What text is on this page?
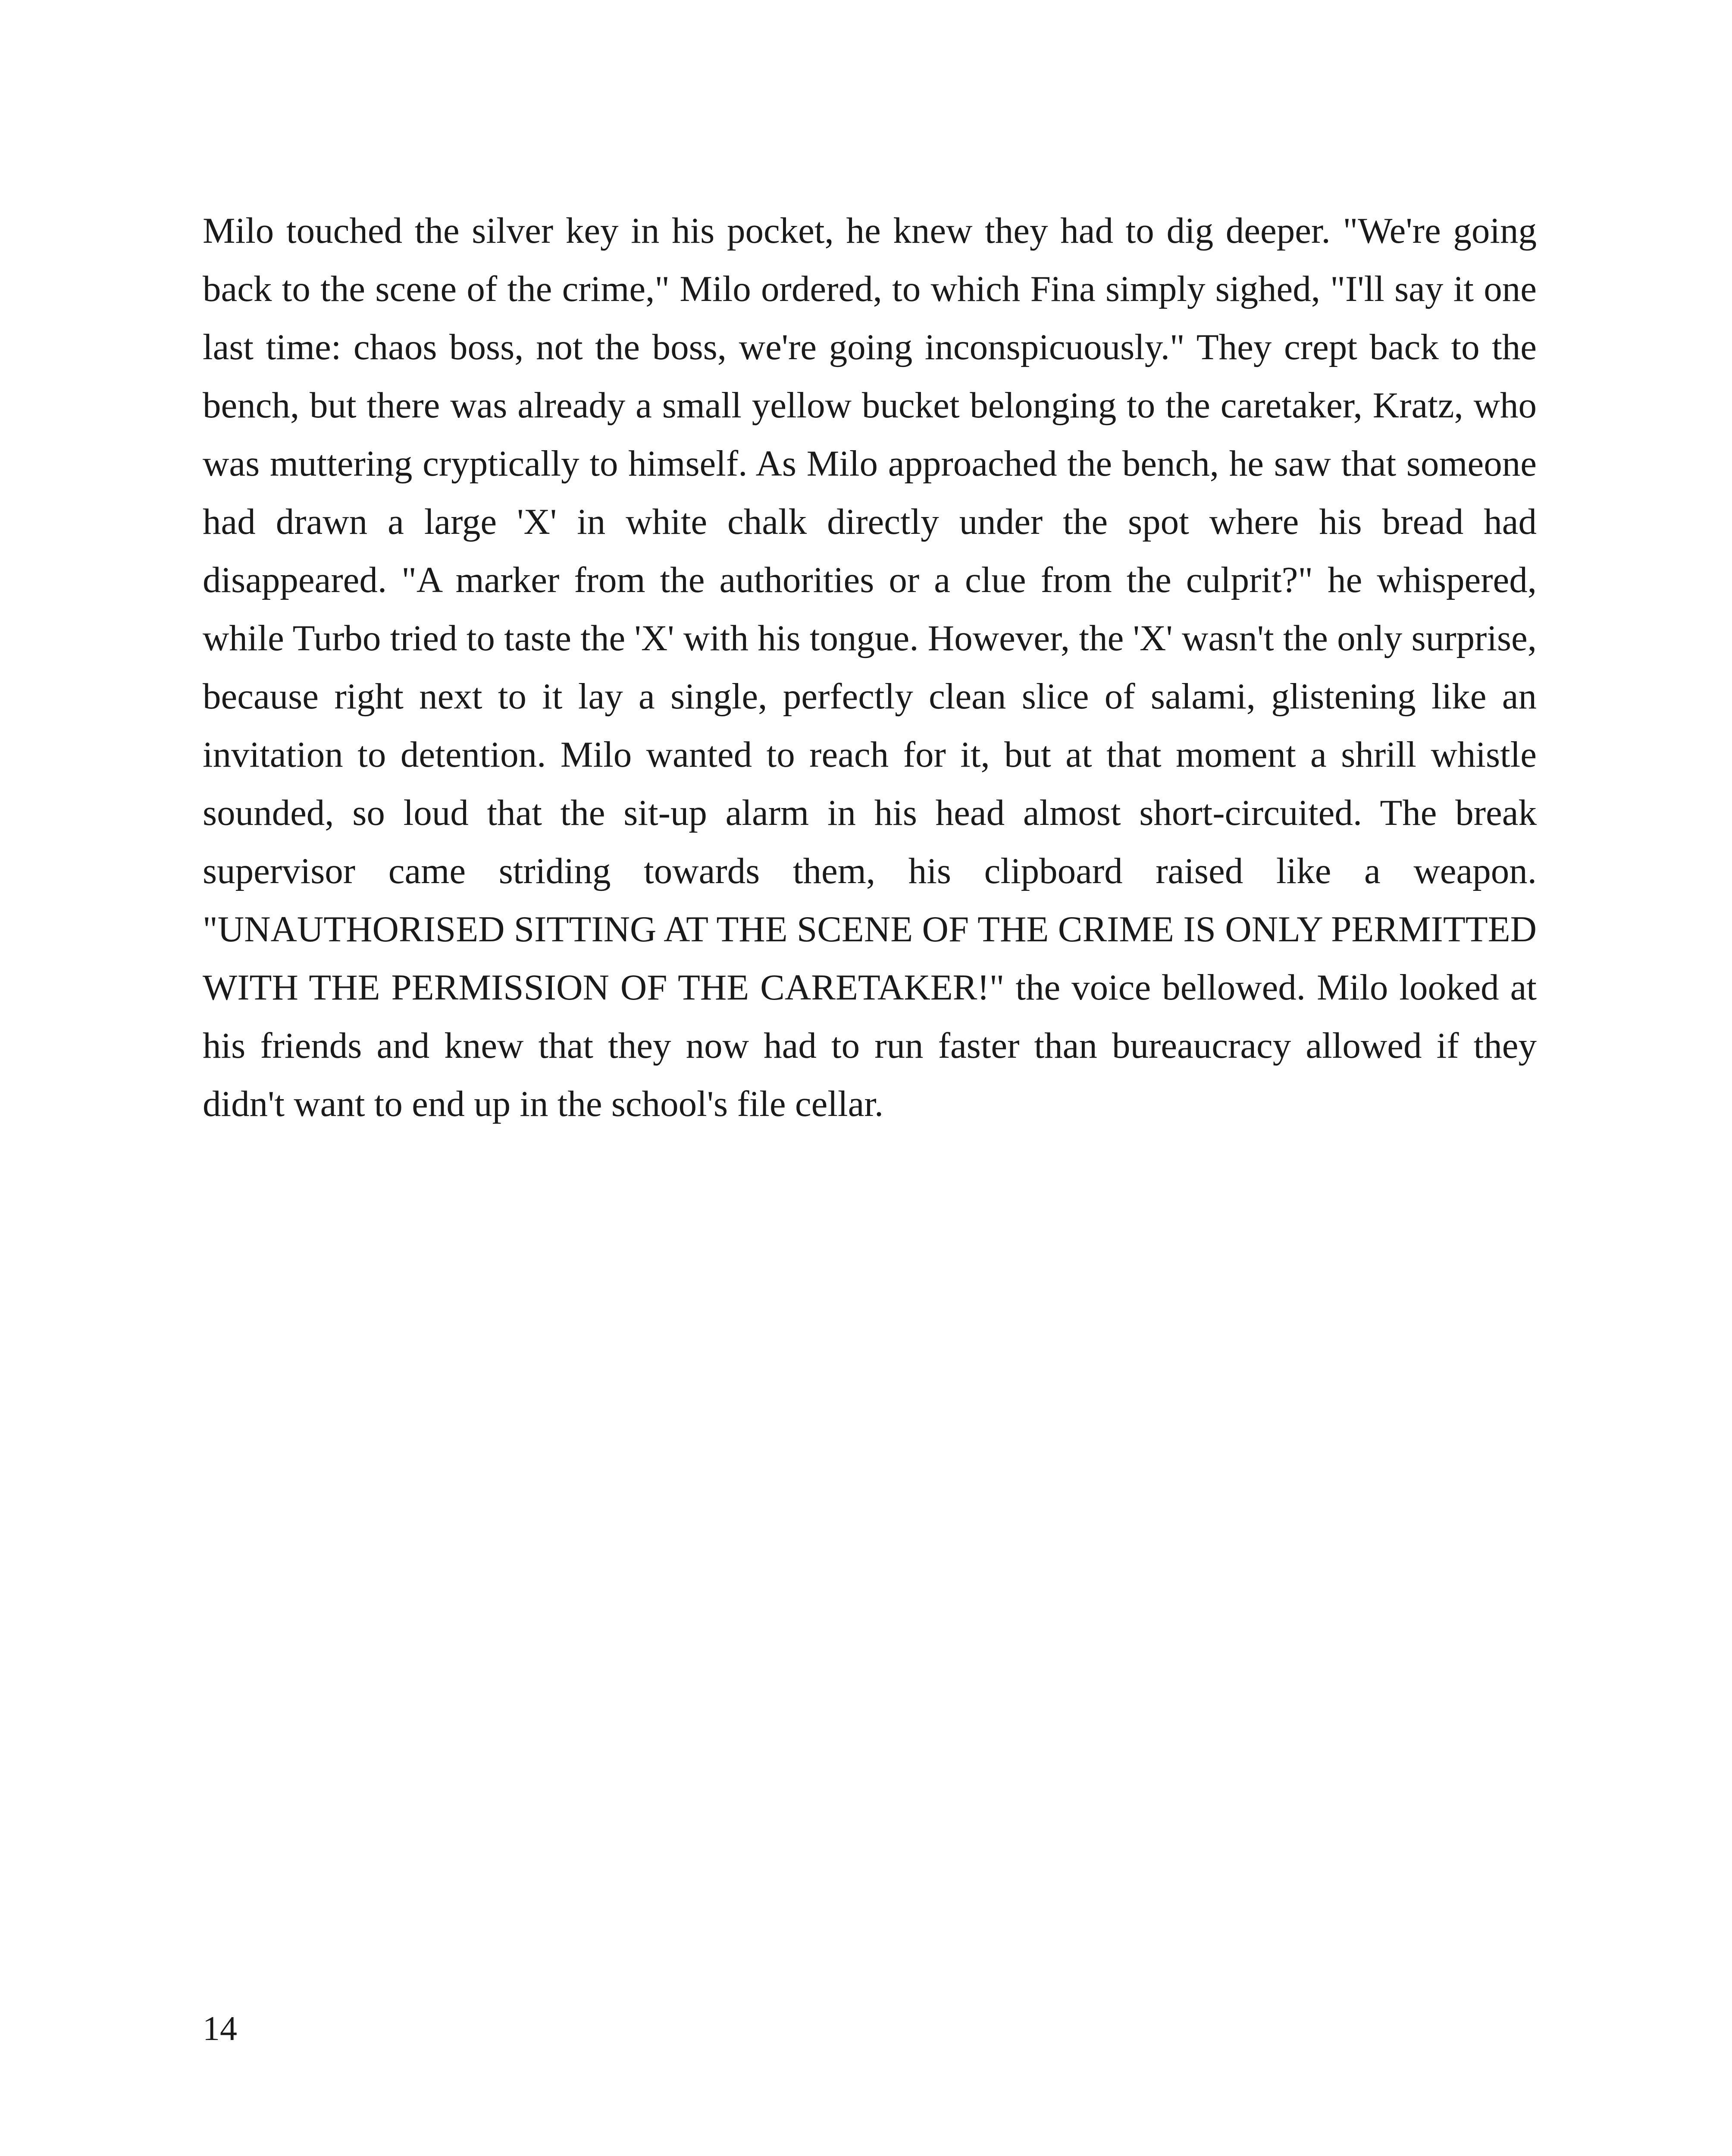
Milo touched the silver key in his pocket, he knew they had to dig deeper. "We're going back to the scene of the crime," Milo ordered, to which Fina simply sighed, "I'll say it one last time: chaos boss, not the boss, we're going inconspicuously." They crept back to the bench, but there was already a small yellow bucket belonging to the caretaker, Kratz, who was muttering cryptically to himself. As Milo approached the bench, he saw that someone had drawn a large 'X' in white chalk directly under the spot where his bread had disappeared. "A marker from the authorities or a clue from the culprit?" he whispered, while Turbo tried to taste the 'X' with his tongue. However, the 'X' wasn't the only surprise, because right next to it lay a single, perfectly clean slice of salami, glistening like an invitation to detention. Milo wanted to reach for it, but at that moment a shrill whistle sounded, so loud that the sit-up alarm in his head almost short-circuited. The break supervisor came striding towards them, his clipboard raised like a weapon. "UNAUTHORISED SITTING AT THE SCENE OF THE CRIME IS ONLY PERMITTED WITH THE PERMISSION OF THE CARETAKER!" the voice bellowed. Milo looked at his friends and knew that they now had to run faster than bureaucracy allowed if they didn't want to end up in the school's file cellar.

14
